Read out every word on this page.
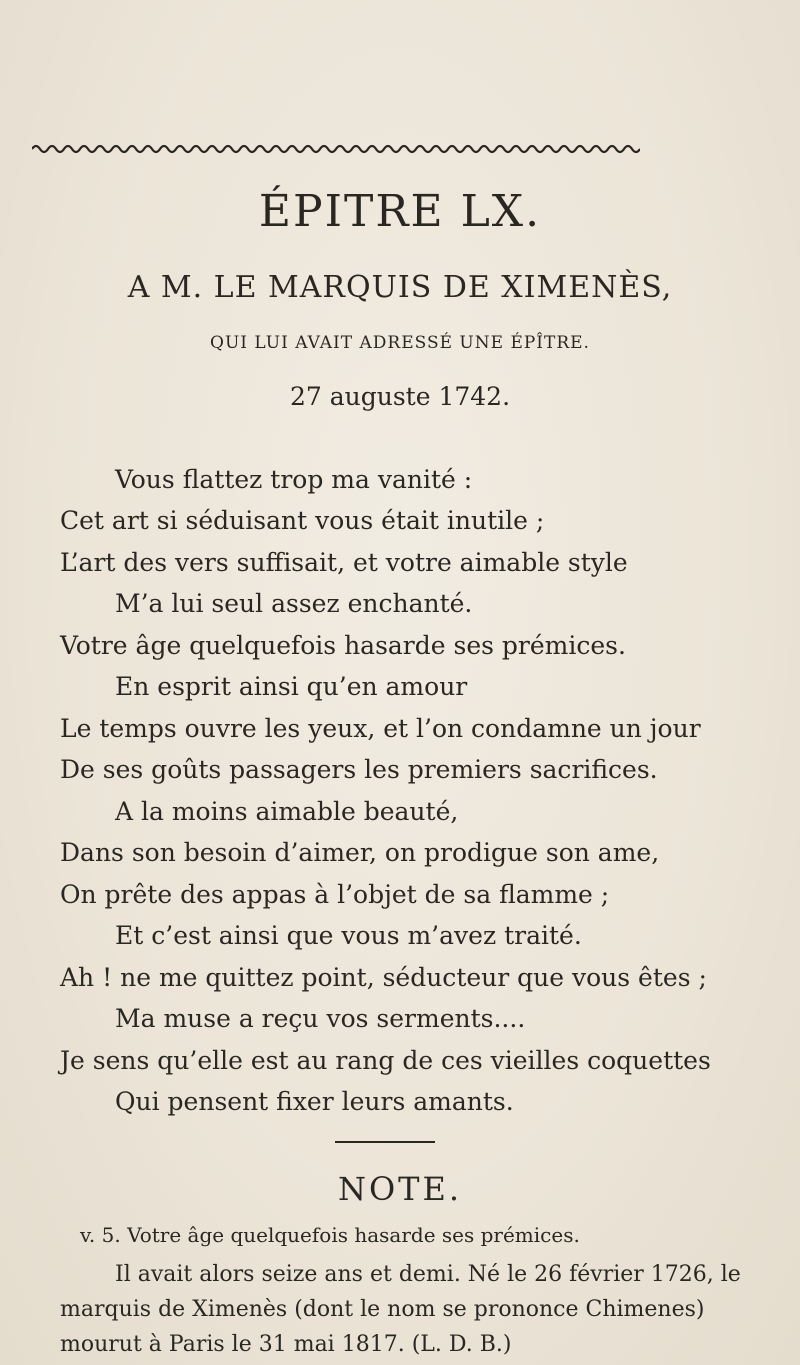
ÉPITRE LX.
A M. LE MARQUIS DE XIMENÈS,
QUI LUI AVAIT ADRESSÉ UNE ÉPÎTRE.
27 auguste 1742.
Vous flattez trop ma vanité :
Cet art si séduisant vous était inutile ;
L’art des vers suffisait, et votre aimable style
M’a lui seul assez enchanté.
Votre âge quelquefois hasarde ses prémices.
En esprit ainsi qu’en amour
Le temps ouvre les yeux, et l’on condamne un jour
De ses goûts passagers les premiers sacrifices.
A la moins aimable beauté,
Dans son besoin d’aimer, on prodigue son ame,
On prête des appas à l’objet de sa flamme ;
Et c’est ainsi que vous m’avez traité.
Ah ! ne me quittez point, séducteur que vous êtes ;
Ma muse a reçu vos serments....
Je sens qu’elle est au rang de ces vieilles coquettes
Qui pensent fixer leurs amants.
NOTE.
v. 5. Votre âge quelquefois hasarde ses prémices.
Il avait alors seize ans et demi. Né le 26 février 1726, le
marquis de Ximenès (dont le nom se prononce Chimenes)
mourut à Paris le 31 mai 1817. (L. D. B.)
